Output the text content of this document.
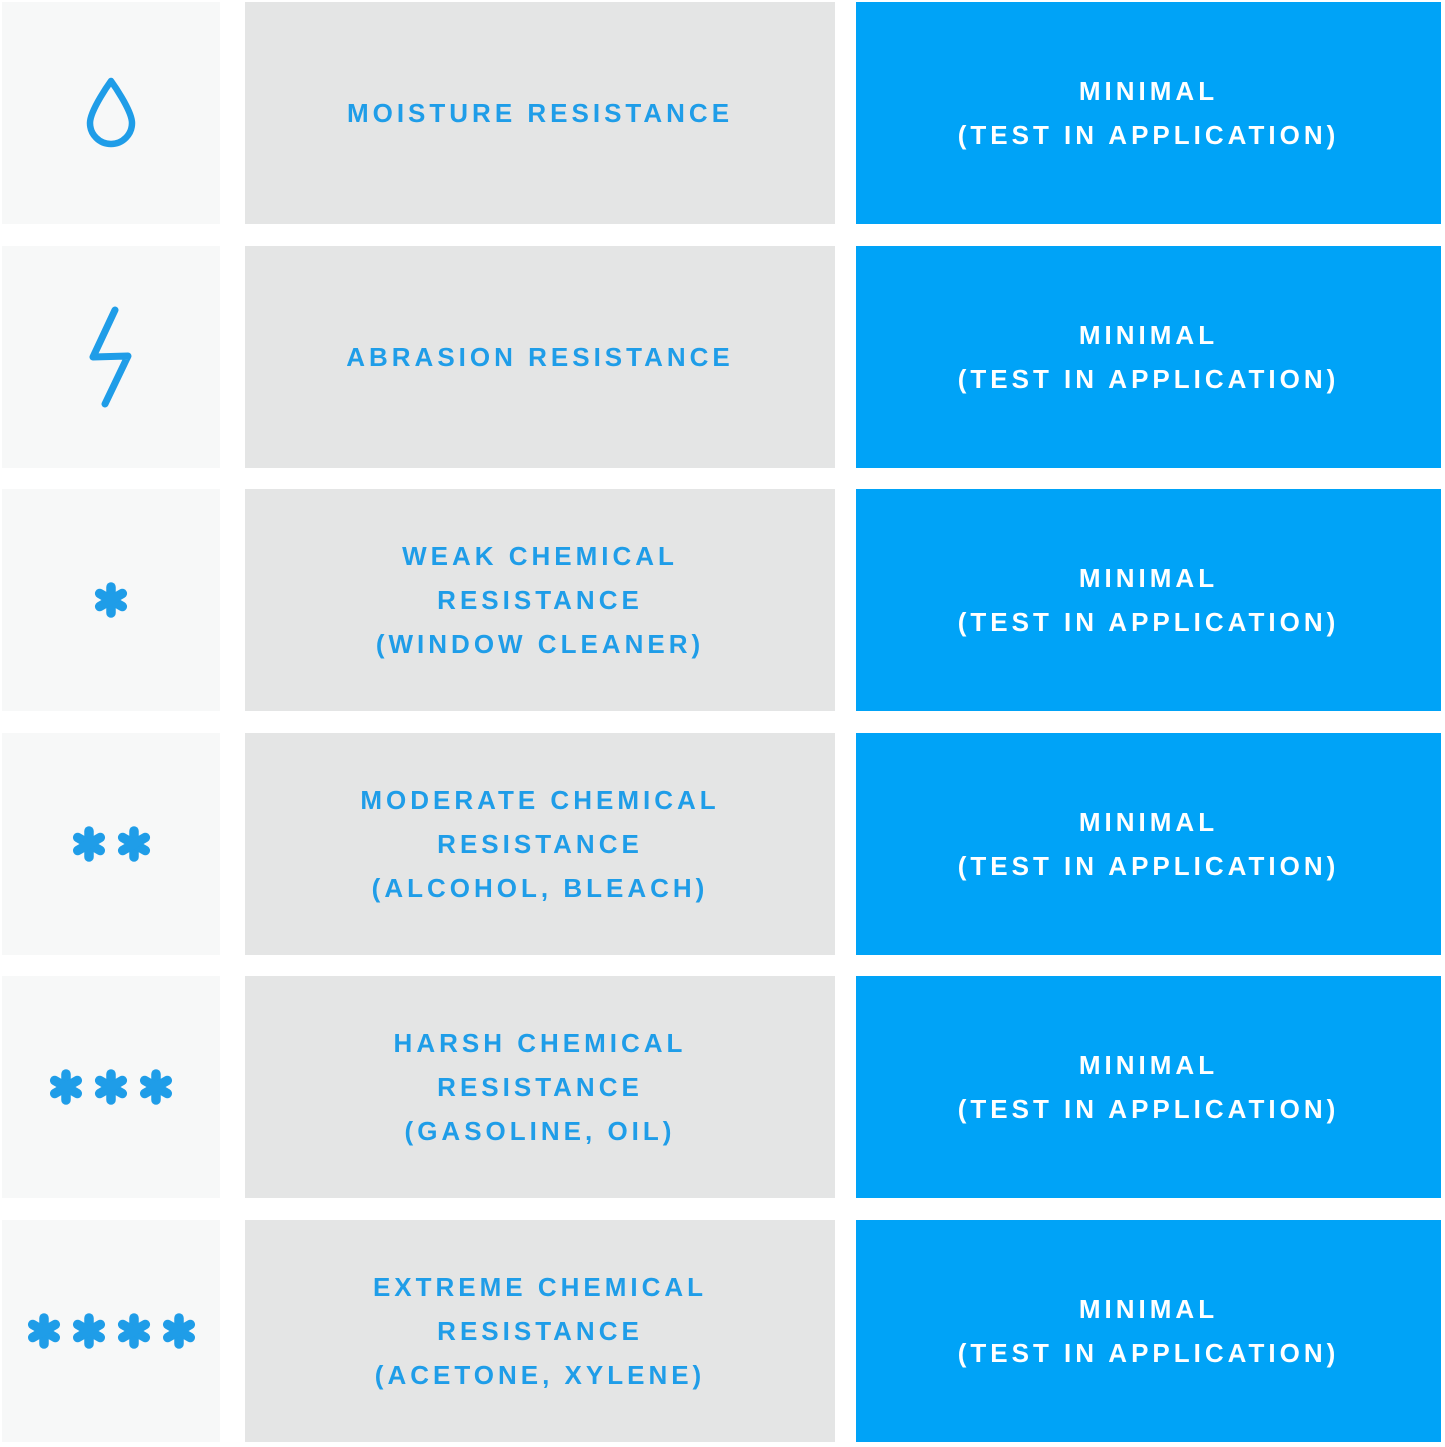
MOISTURE RESISTANCE
MINIMAL
(TEST IN APPLICATION)
ABRASION RESISTANCE
MINIMAL
(TEST IN APPLICATION)
WEAK CHEMICAL
RESISTANCE
(WINDOW CLEANER)
MINIMAL
(TEST IN APPLICATION)
MODERATE CHEMICAL
RESISTANCE
(ALCOHOL, BLEACH)
MINIMAL
(TEST IN APPLICATION)
HARSH CHEMICAL
RESISTANCE
(GASOLINE, OIL)
MINIMAL
(TEST IN APPLICATION)
EXTREME CHEMICAL
RESISTANCE
(ACETONE, XYLENE)
MINIMAL
(TEST IN APPLICATION)
